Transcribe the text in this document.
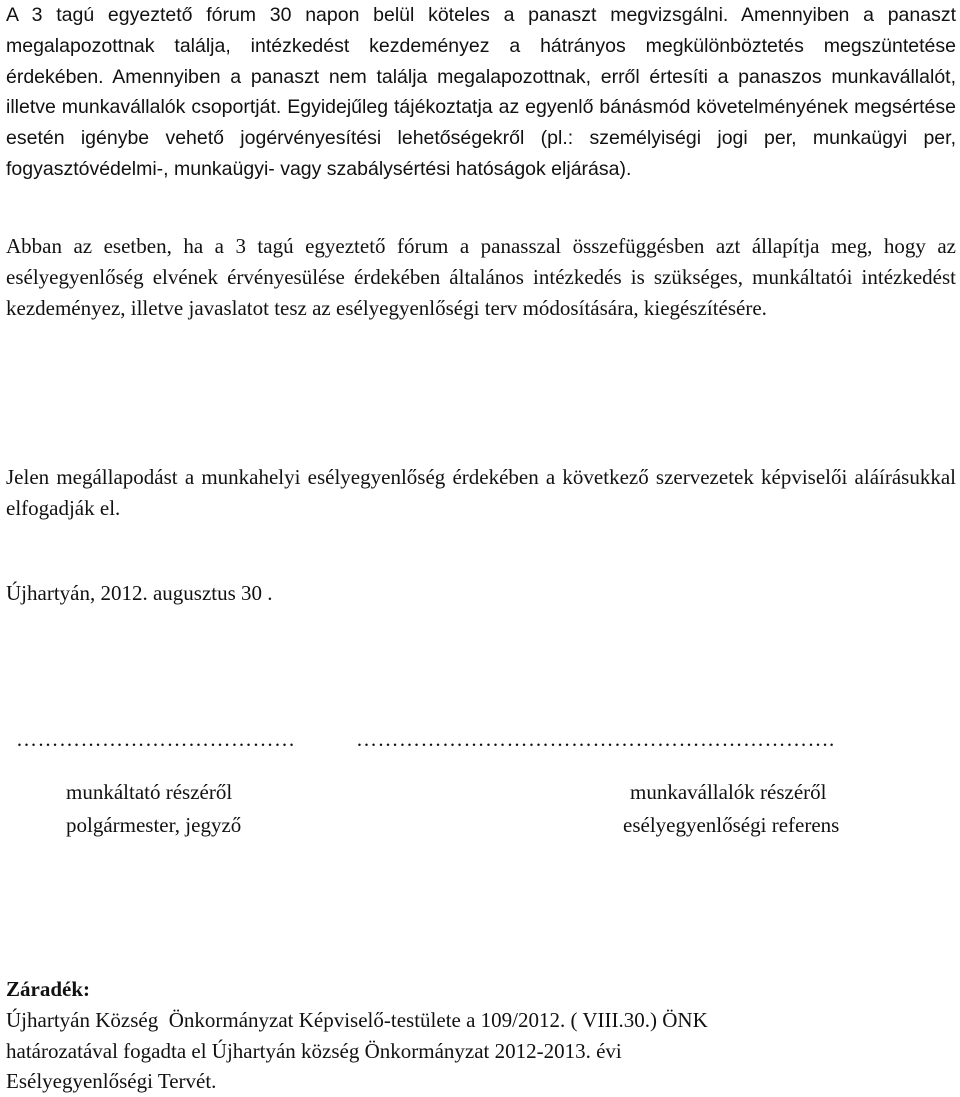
A 3 tagú egyeztető fórum 30 napon belül köteles a panaszt megvizsgálni. Amennyiben a panaszt megalapozottnak találja, intézkedést kezdeményez a hátrányos megkülönböztetés megszüntetése érdekében. Amennyiben a panaszt nem találja megalapozottnak, erről értesíti a panaszos munkavállalót, illetve munkavállalók csoportját. Egyidejűleg tájékoztatja az egyenlő bánásmód követelményének megsértése esetén igénybe vehető jogérvényesítési lehetőségekről (pl.: személyiségi jogi per, munkaügyi per, fogyasztóvédelmi-, munkaügyi- vagy szabálysértési hatóságok eljárása).

Abban az esetben, ha a 3 tagú egyeztető fórum a panasszal összefüggésben azt állapítja meg, hogy az esélyegyenlőség elvének érvényesülése érdekében általános intézkedés is szükséges, munkáltatói intézkedést kezdeményez, illetve javaslatot tesz az esélyegyenlőségi terv módosítására, kiegészítésére.

Jelen megállapodást a munkahelyi esélyegyenlőség érdekében a következő szervezetek képviselői aláírásukkal elfogadják el.

Újhartyán, 2012. augusztus 30 .

…………………………………	………………………………………………………….
munkáltató részéről
polgármester, jegyző
munkavállalók részéről
esélyegyenlőségi referens
Záradék:
Újhartyán Község  Önkormányzat Képviselő-testülete a 109/2012. ( VIII.30.) ÖNK
határozatával fogadta el Újhartyán község Önkormányzat 2012-2013. évi
Esélyegyenlőségi Tervét.
